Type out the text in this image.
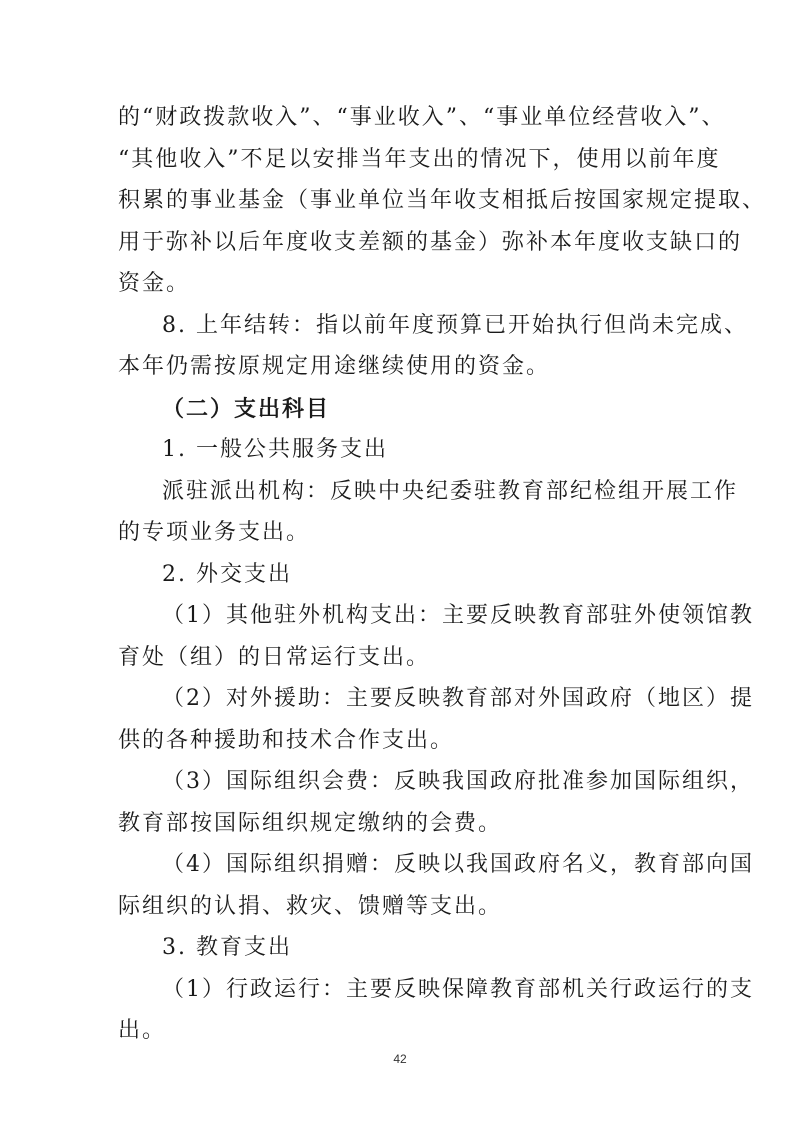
的“财政拨款收入”、“事业收入”、“事业单位经营收入”、
“其他收入”不足以安排当年支出的情况下，使用以前年度
积累的事业基金（事业单位当年收支相抵后按国家规定提取、
用于弥补以后年度收支差额的基金）弥补本年度收支缺口的
资金。
8. 上年结转：指以前年度预算已开始执行但尚未完成、
本年仍需按原规定用途继续使用的资金。
（二）支出科目
1. 一般公共服务支出
派驻派出机构：反映中央纪委驻教育部纪检组开展工作
的专项业务支出。
2. 外交支出
（1）其他驻外机构支出：主要反映教育部驻外使领馆教
育处（组）的日常运行支出。
（2）对外援助：主要反映教育部对外国政府（地区）提
供的各种援助和技术合作支出。
（3）国际组织会费：反映我国政府批准参加国际组织，
教育部按国际组织规定缴纳的会费。
（4）国际组织捐赠：反映以我国政府名义，教育部向国
际组织的认捐、救灾、馈赠等支出。
3. 教育支出
（1）行政运行：主要反映保障教育部机关行政运行的支
42
出。
